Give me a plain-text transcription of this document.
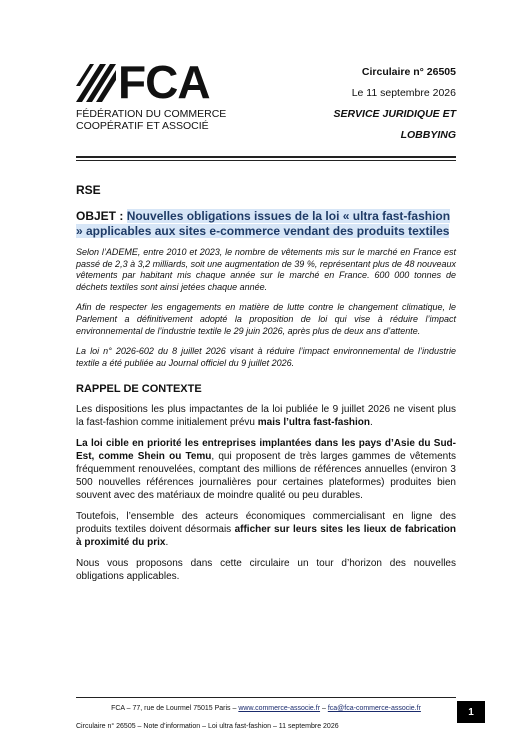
FCA
FÉDÉRATION DU COMMERCE
COOPÉRATIF ET ASSOCIÉ
Circulaire n° 26505
Le 11 septembre 2026
SERVICE JURIDIQUE ET
LOBBYING
RSE
OBJET : Nouvelles obligations issues de la loi « ultra fast-fashion » applicables aux sites e-commerce vendant des produits textiles

Selon l’ADEME, entre 2010 et 2023, le nombre de vêtements mis sur le marché en France est passé de 2,3 à 3,2 milliards, soit une augmentation de 39 %, représentant plus de 48 nouveaux vêtements par habitant mis chaque année sur le marché en France. 600 000 tonnes de déchets textiles sont ainsi jetées chaque année.

Afin de respecter les engagements en matière de lutte contre le changement climatique, le Parlement a définitivement adopté la proposition de loi qui vise à réduire l’impact environnemental de l’industrie textile le 29 juin 2026, après plus de deux ans d’attente.

La loi n° 2026-602 du 8 juillet 2026 visant à réduire l’impact environnemental de l’industrie textile a été publiée au Journal officiel du 9 juillet 2026.

RAPPEL DE CONTEXTE

Les dispositions les plus impactantes de la loi publiée le 9 juillet 2026 ne visent plus la fast-fashion comme initialement prévu mais l’ultra fast-fashion.

La loi cible en priorité les entreprises implantées dans les pays d’Asie du Sud-Est, comme Shein ou Temu, qui proposent de très larges gammes de vêtements fréquemment renouvelées, comptant des millions de références annuelles (environ 3 500 nouvelles références journalières pour certaines plateformes) produites bien souvent avec des matériaux de moindre qualité ou peu durables.

Toutefois, l’ensemble des acteurs économiques commercialisant en ligne des produits textiles doivent désormais afficher sur leurs sites les lieux de fabrication à proximité du prix.

Nous vous proposons dans cette circulaire un tour d’horizon des nouvelles obligations applicables.

FCA – 77, rue de Lourmel 75015 Paris – www.commerce-associe.fr – fca@fca-commerce-associe.fr
Circulaire n° 26505 – Note d’information – Loi ultra fast-fashion – 11 septembre 2026
1
